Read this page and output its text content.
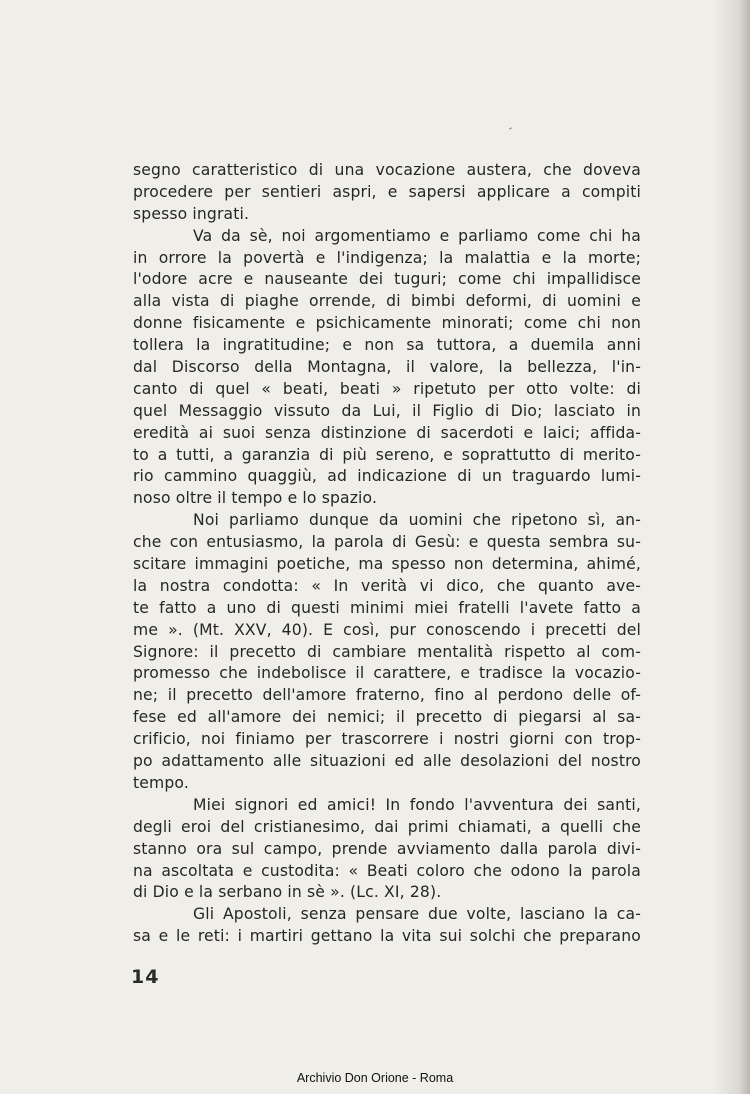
segno caratteristico di una vocazione austera, che doveva
procedere per sentieri aspri, e sapersi applicare a compiti
spesso ingrati.
Va da sè, noi argomentiamo e parliamo come chi ha
in orrore la povertà e l'indigenza; la malattia e la morte;
l'odore acre e nauseante dei tuguri; come chi impallidisce
alla vista di piaghe orrende, di bimbi deformi, di uomini e
donne fisicamente e psichicamente minorati; come chi non
tollera la ingratitudine; e non sa tuttora, a duemila anni
dal Discorso della Montagna, il valore, la bellezza, l'in-
canto di quel « beati, beati » ripetuto per otto volte: di
quel Messaggio vissuto da Lui, il Figlio di Dio; lasciato in
eredità ai suoi senza distinzione di sacerdoti e laici; affida-
to a tutti, a garanzia di più sereno, e soprattutto di merito-
rio cammino quaggiù, ad indicazione di un traguardo lumi-
noso oltre il tempo e lo spazio.
Noi parliamo dunque da uomini che ripetono sì, an-
che con entusiasmo, la parola di Gesù: e questa sembra su-
scitare immagini poetiche, ma spesso non determina, ahimé,
la nostra condotta: « In verità vi dico, che quanto ave-
te fatto a uno di questi minimi miei fratelli l'avete fatto a
me ». (Mt. XXV, 40). E così, pur conoscendo i precetti del
Signore: il precetto di cambiare mentalità rispetto al com-
promesso che indebolisce il carattere, e tradisce la vocazio-
ne; il precetto dell'amore fraterno, fino al perdono delle of-
fese ed all'amore dei nemici; il precetto di piegarsi al sa-
crificio, noi finiamo per trascorrere i nostri giorni con trop-
po adattamento alle situazioni ed alle desolazioni del nostro
tempo.
Miei signori ed amici! In fondo l'avventura dei santi,
degli eroi del cristianesimo, dai primi chiamati, a quelli che
stanno ora sul campo, prende avviamento dalla parola divi-
na ascoltata e custodita: « Beati coloro che odono la parola
di Dio e la serbano in sè ». (Lc. XI, 28).
Gli Apostoli, senza pensare due volte, lasciano la ca-
sa e le reti: i martiri gettano la vita sui solchi che preparano
14
Archivio Don Orione - Roma
